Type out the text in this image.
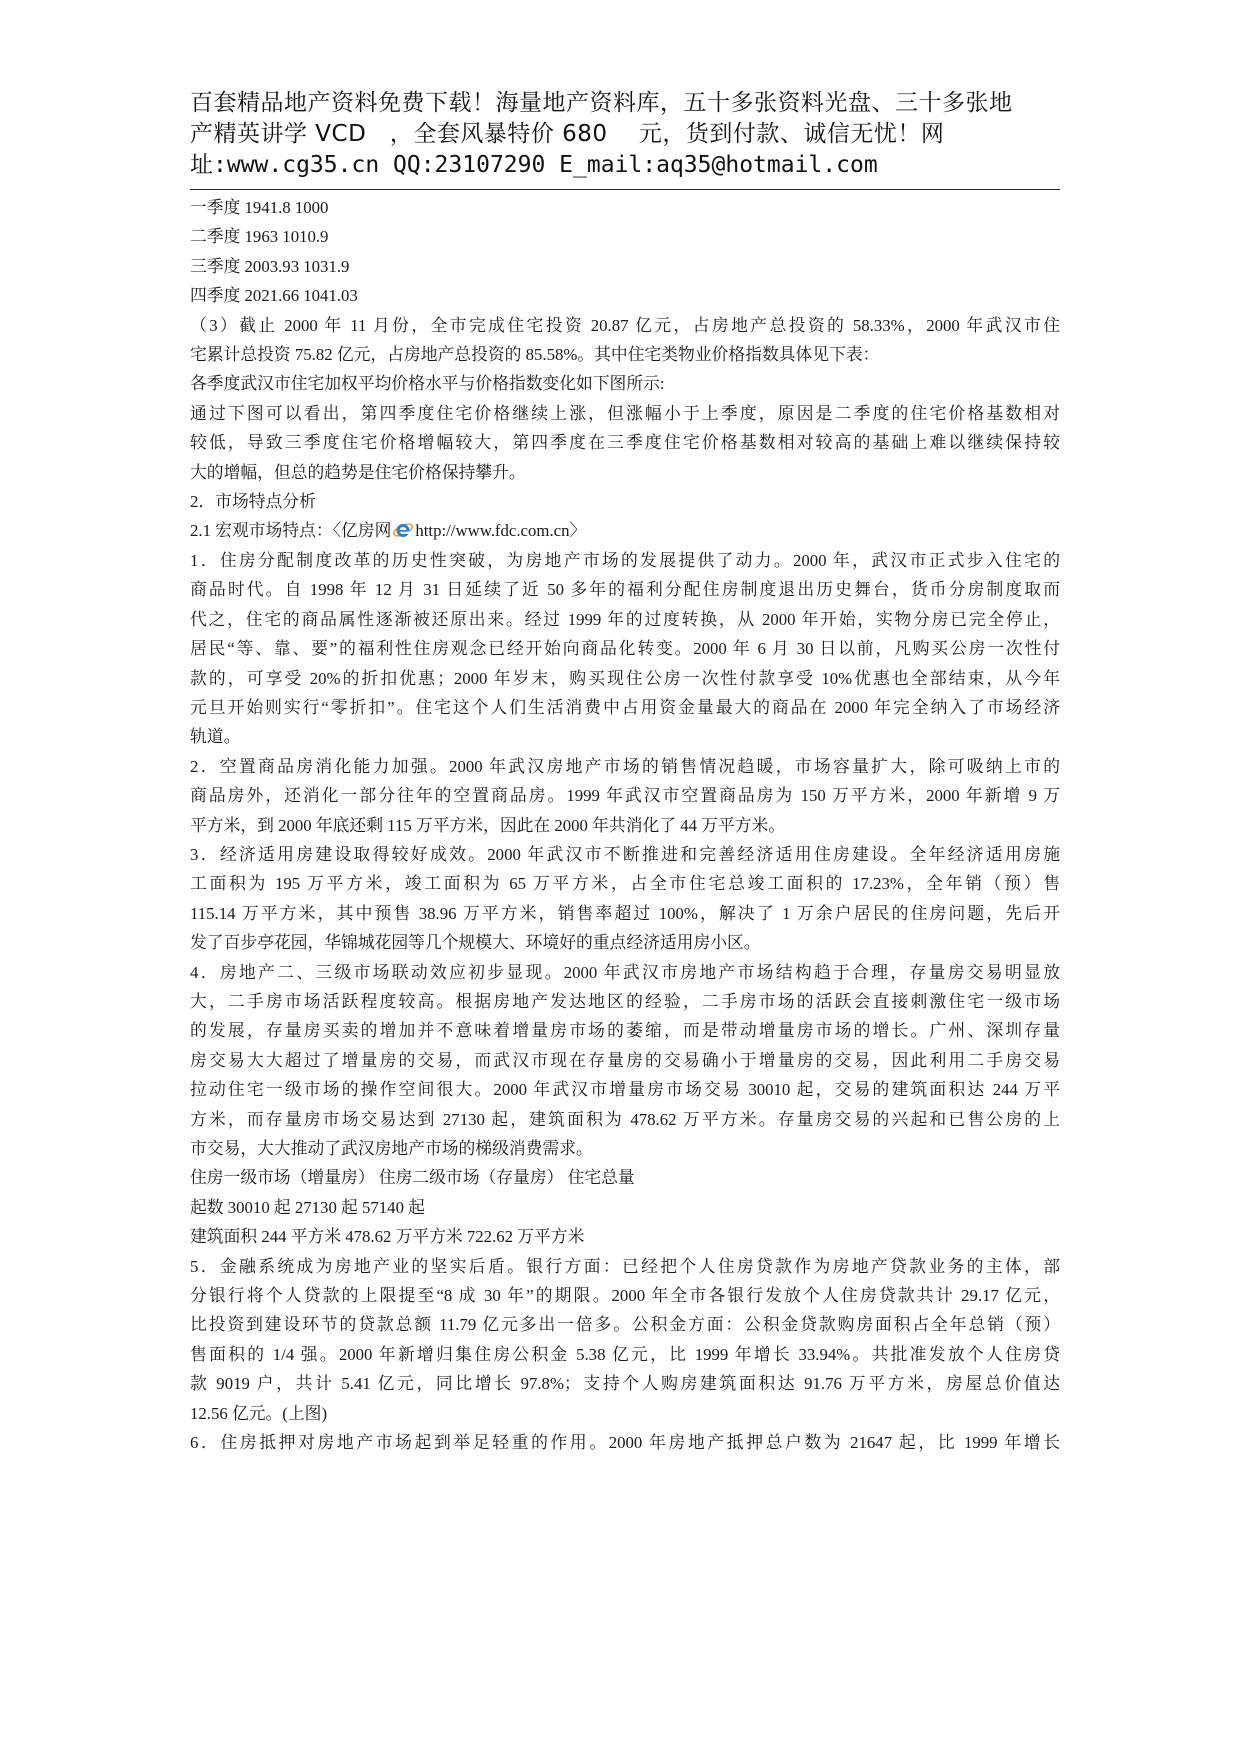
百套精品地产资料免费下载！海量地产资料库，五十多张资料光盘、三十多张地
产精英讲学 VCD　，全套风暴特价 680　 元，货到付款、诚信无忧！网
址:www.cg35.cn QQ:23107290 E_mail:aq35@hotmail.com

一季度 1941.8 1000

二季度 1963 1010.9

三季度 2003.93 1031.9

四季度 2021.66 1041.03

（3）截止 2000 年 11 月份，全市完成住宅投资 20.87 亿元，占房地产总投资的 58.33%，2000 年武汉市住

宅累计总投资 75.82 亿元，占房地产总投资的 85.58%。其中住宅类物业价格指数具体见下表：

各季度武汉市住宅加权平均价格水平与价格指数变化如下图所示:

通过下图可以看出，第四季度住宅价格继续上涨，但涨幅小于上季度，原因是二季度的住宅价格基数相对

较低，导致三季度住宅价格增幅较大，第四季度在三季度住宅价格基数相对较高的基础上难以继续保持较

大的增幅，但总的趋势是住宅价格保持攀升。

2．市场特点分析

2.1 宏观市场特点：〈亿房网 http://www.fdc.com.cn〉

1．住房分配制度改革的历史性突破，为房地产市场的发展提供了动力。2000 年，武汉市正式步入住宅的

商品时代。自 1998 年 12 月 31 日延续了近 50 多年的福利分配住房制度退出历史舞台，货币分房制度取而

代之，住宅的商品属性逐渐被还原出来。经过 1999 年的过度转换，从 2000 年开始，实物分房已完全停止，

居民“等、靠、要”的福利性住房观念已经开始向商品化转变。2000 年 6 月 30 日以前，凡购买公房一次性付

款的，可享受 20%的折扣优惠；2000 年岁末，购买现住公房一次性付款享受 10%优惠也全部结束，从今年

元旦开始则实行“零折扣”。住宅这个人们生活消费中占用资金量最大的商品在 2000 年完全纳入了市场经济

轨道。

2．空置商品房消化能力加强。2000 年武汉房地产市场的销售情况趋暖，市场容量扩大，除可吸纳上市的

商品房外，还消化一部分往年的空置商品房。1999 年武汉市空置商品房为 150 万平方米，2000 年新增 9 万

平方米，到 2000 年底还剩 115 万平方米，因此在 2000 年共消化了 44 万平方米。

3．经济适用房建设取得较好成效。2000 年武汉市不断推进和完善经济适用住房建设。全年经济适用房施

工面积为 195 万平方米，竣工面积为 65 万平方米，占全市住宅总竣工面积的 17.23%，全年销（预）售

115.14 万平方米，其中预售 38.96 万平方米，销售率超过 100%，解决了 1 万余户居民的住房问题，先后开

发了百步亭花园，华锦城花园等几个规模大、环境好的重点经济适用房小区。

4．房地产二、三级市场联动效应初步显现。2000 年武汉市房地产市场结构趋于合理，存量房交易明显放

大，二手房市场活跃程度较高。根据房地产发达地区的经验，二手房市场的活跃会直接刺激住宅一级市场

的发展，存量房买卖的增加并不意味着增量房市场的萎缩，而是带动增量房市场的增长。广州、深圳存量

房交易大大超过了增量房的交易，而武汉市现在存量房的交易确小于增量房的交易，因此利用二手房交易

拉动住宅一级市场的操作空间很大。2000 年武汉市增量房市场交易 30010 起，交易的建筑面积达 244 万平

方米，而存量房市场交易达到 27130 起，建筑面积为 478.62 万平方米。存量房交易的兴起和已售公房的上

市交易，大大推动了武汉房地产市场的梯级消费需求。

住房一级市场（增量房） 住房二级市场（存量房） 住宅总量

起数 30010 起 27130 起 57140 起

建筑面积 244 平方米 478.62 万平方米 722.62 万平方米

5．金融系统成为房地产业的坚实后盾。银行方面：已经把个人住房贷款作为房地产贷款业务的主体，部

分银行将个人贷款的上限提至“8 成 30 年”的期限。2000 年全市各银行发放个人住房贷款共计 29.17 亿元，

比投资到建设环节的贷款总额 11.79 亿元多出一倍多。公积金方面：公积金贷款购房面积占全年总销（预）

售面积的 1/4 强。2000 年新增归集住房公积金 5.38 亿元，比 1999 年增长 33.94%。共批准发放个人住房贷

款 9019 户，共计 5.41 亿元，同比增长 97.8%；支持个人购房建筑面积达 91.76 万平方米，房屋总价值达

12.56 亿元。(上图)

6．住房抵押对房地产市场起到举足轻重的作用。2000 年房地产抵押总户数为 21647 起，比 1999 年增长
